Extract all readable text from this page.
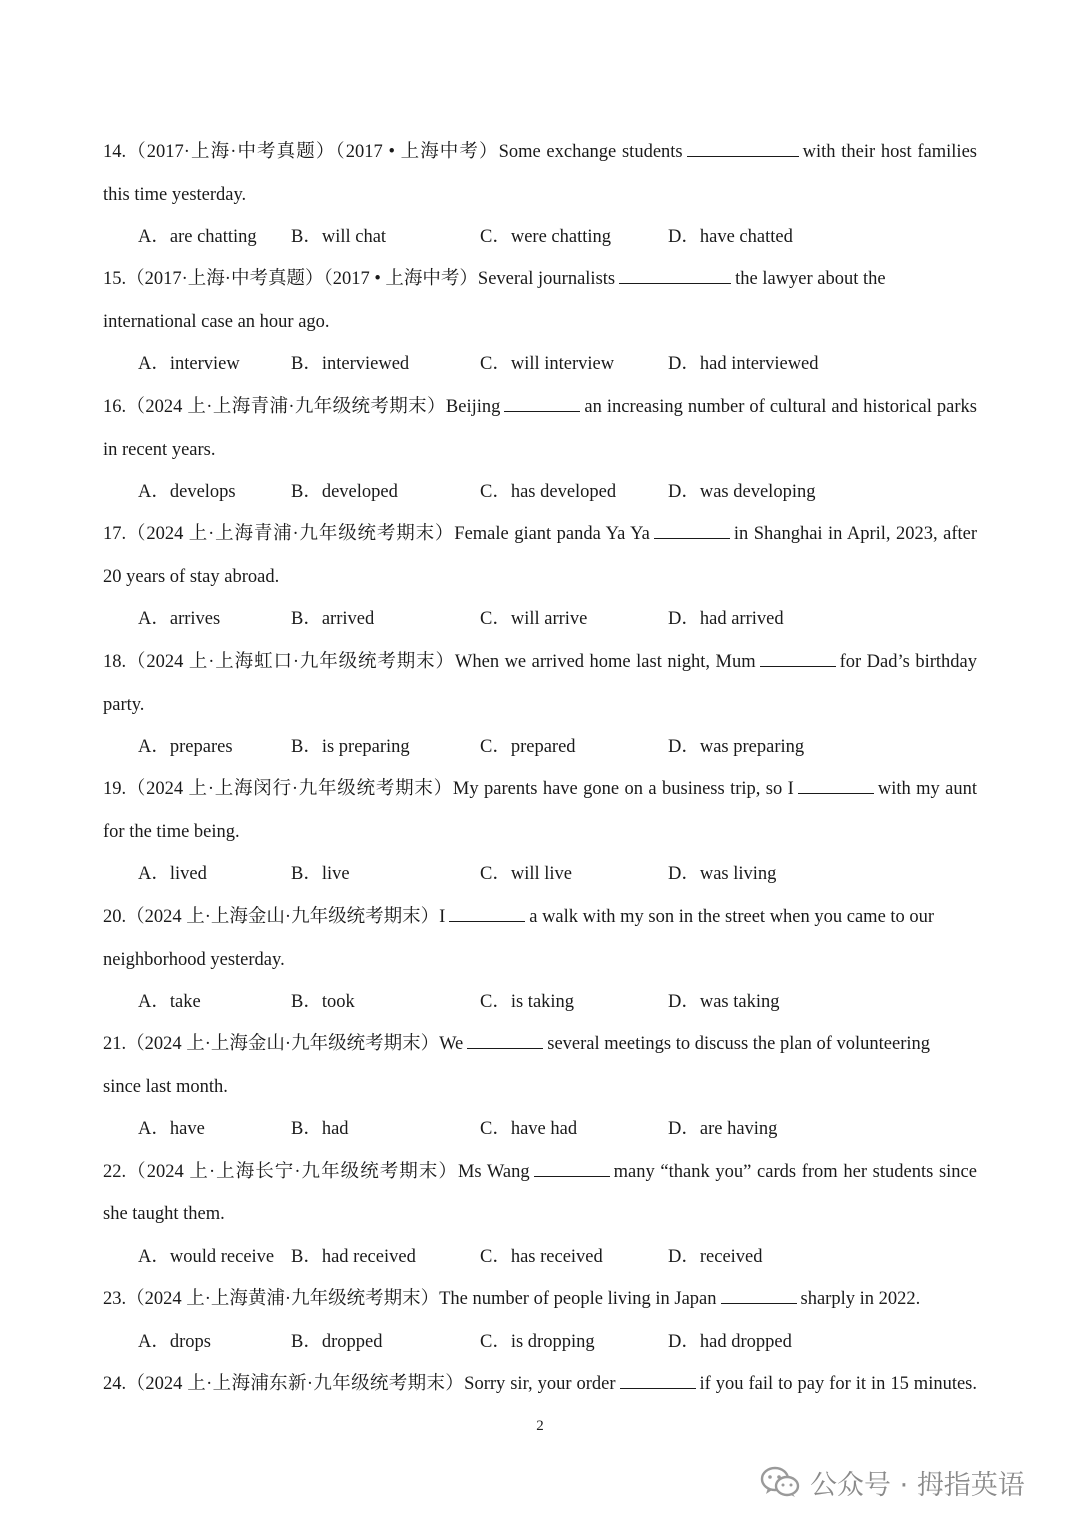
14.（2017·上海·中考真题）（2017 • 上海中考）Some exchange students	with their host families
this time yesterday.
A．are chatting B．will chat	C．were chatting	D．have chatted
15.（2017·上海·中考真题）（2017 • 上海中考）Several journalists	the lawyer about the
international case an hour ago.
A．interview	B．interviewed	C．will interview	D．had interviewed
16.（2024 上·上海青浦·九年级统考期末）Beijing	an increasing number of cultural and historical parks
in recent years.
A．develops	B．developed	C．has developed	D．was developing
17.（2024 上·上海青浦·九年级统考期末）Female giant panda Ya Ya	in Shanghai in April, 2023, after
20 years of stay abroad.
A．arrives	B．arrived	C．will arrive	D．had arrived
18.（2024 上·上海虹口·九年级统考期末）When we arrived home last night, Mum	for Dad’s birthday
party.
A．prepares	B．is preparing	C．prepared	D．was preparing
19.（2024 上·上海闵行·九年级统考期末）My parents have gone on a business trip, so I	with my aunt
for the time being.
A．lived	B．live	C．will live	D．was living
20.（2024 上·上海金山·九年级统考期末）I	a walk with my son in the street when you came to our
neighborhood yesterday.
A．take	B．took	C．is taking	D．was taking
21.（2024 上·上海金山·九年级统考期末）We	several meetings to discuss the plan of volunteering
since last month.
A．have	B．had	C．have had	D．are having
22.（2024 上·上海长宁·九年级统考期末）Ms Wang	many “thank you” cards from her students since
she taught them.
A．would receive B．had received	C．has received	D．received
23.（2024 上·上海黄浦·九年级统考期末）The number of people living in Japan	sharply in 2022.
A．drops	B．dropped	C．is dropping	D．had dropped
24.（2024 上·上海浦东新·九年级统考期末）Sorry sir, your order	if you fail to pay for it in 15 minutes.
2
公众号 · 拇指英语
